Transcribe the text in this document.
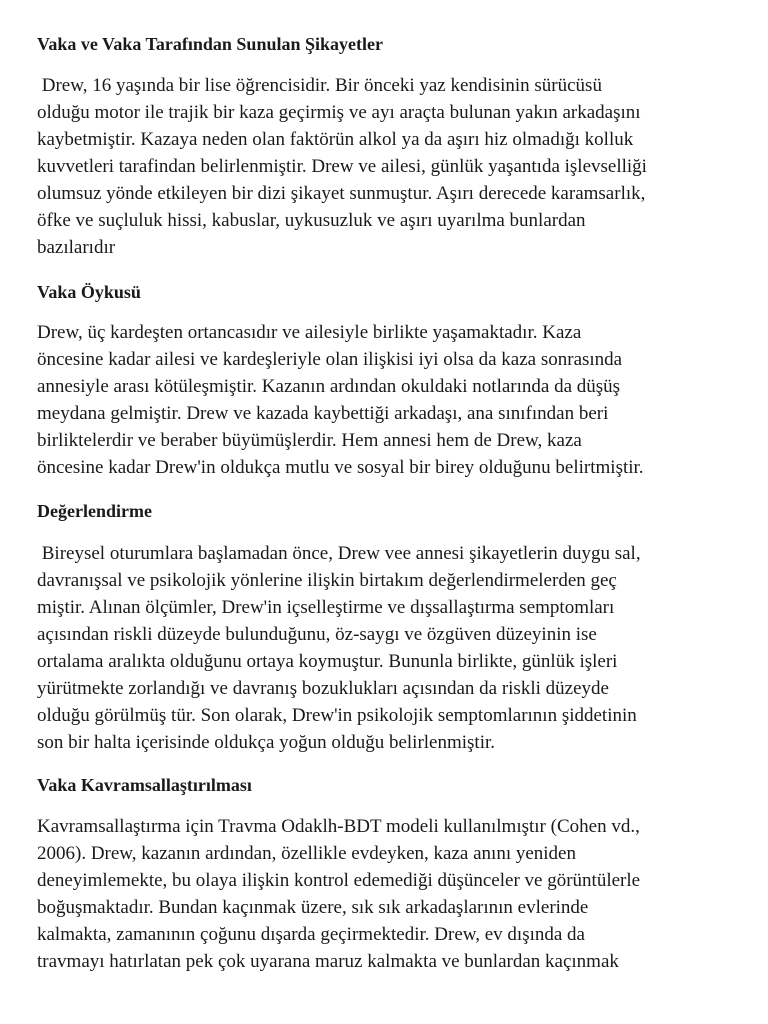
Vaka ve Vaka Tarafından Sunulan Şikayetler
Drew, 16 yaşında bir lise öğrencisidir. Bir önceki yaz kendisinin sürücüsü
olduğu motor ile trajik bir kaza geçirmiş ve ayı araçta bulunan yakın arkadaşını
kaybetmiştir. Kazaya neden olan faktörün alkol ya da aşırı hiz olmadığı kolluk
kuvvetleri tarafindan belirlenmiştir. Drew ve ailesi, günlük yaşantıda işlevselliği
olumsuz yönde etkileyen bir dizi şikayet sunmuştur. Aşırı derecede karamsarlık,
öfke ve suçluluk hissi, kabuslar, uykusuzluk ve aşırı uyarılma bunlardan
bazılarıdır
Vaka Öykusü
Drew, üç kardeşten ortancasıdır ve ailesiyle birlikte yaşamaktadır. Kaza
öncesine kadar ailesi ve kardeşleriyle olan ilişkisi iyi olsa da kaza sonrasında
annesiyle arası kötüleşmiştir. Kazanın ardından okuldaki notlarında da düşüş
meydana gelmiştir. Drew ve kazada kaybettiği arkadaşı, ana sınıfından beri
birliktelerdir ve beraber büyümüşlerdir. Hem annesi hem de Drew, kaza
öncesine kadar Drew'in oldukça mutlu ve sosyal bir birey olduğunu belirtmiştir.
Değerlendirme
Bireysel oturumlara başlamadan önce, Drew vee annesi şikayetlerin duygu sal,
davranışsal ve psikolojik yönlerine ilişkin birtakım değerlendirmelerden geç
miştir. Alınan ölçümler, Drew'in içselleştirme ve dışsallaştırma semptomları
açısından riskli düzeyde bulunduğunu, öz-saygı ve özgüven düzeyinin ise
ortalama aralıkta olduğunu ortaya koymuştur. Bununla birlikte, günlük işleri
yürütmekte zorlandığı ve davranış bozuklukları açısından da riskli düzeyde
olduğu görülmüş tür. Son olarak, Drew'in psikolojik semptomlarının şiddetinin
son bir halta içerisinde oldukça yoğun olduğu belirlenmiştir.
Vaka Kavramsallaştırılması
Kavramsallaştırma için Travma Odaklh-BDT modeli kullanılmıştır (Cohen vd.,
2006). Drew, kazanın ardından, özellikle evdeyken, kaza anını yeniden
deneyimlemekte, bu olaya ilişkin kontrol edemediği düşünceler ve görüntülerle
boğuşmaktadır. Bundan kaçınmak üzere, sık sık arkadaşlarının evlerinde
kalmakta, zamanının çoğunu dışarda geçirmektedir. Drew, ev dışında da
travmayı hatırlatan pek çok uyarana maruz kalmakta ve bunlardan kaçınmak
